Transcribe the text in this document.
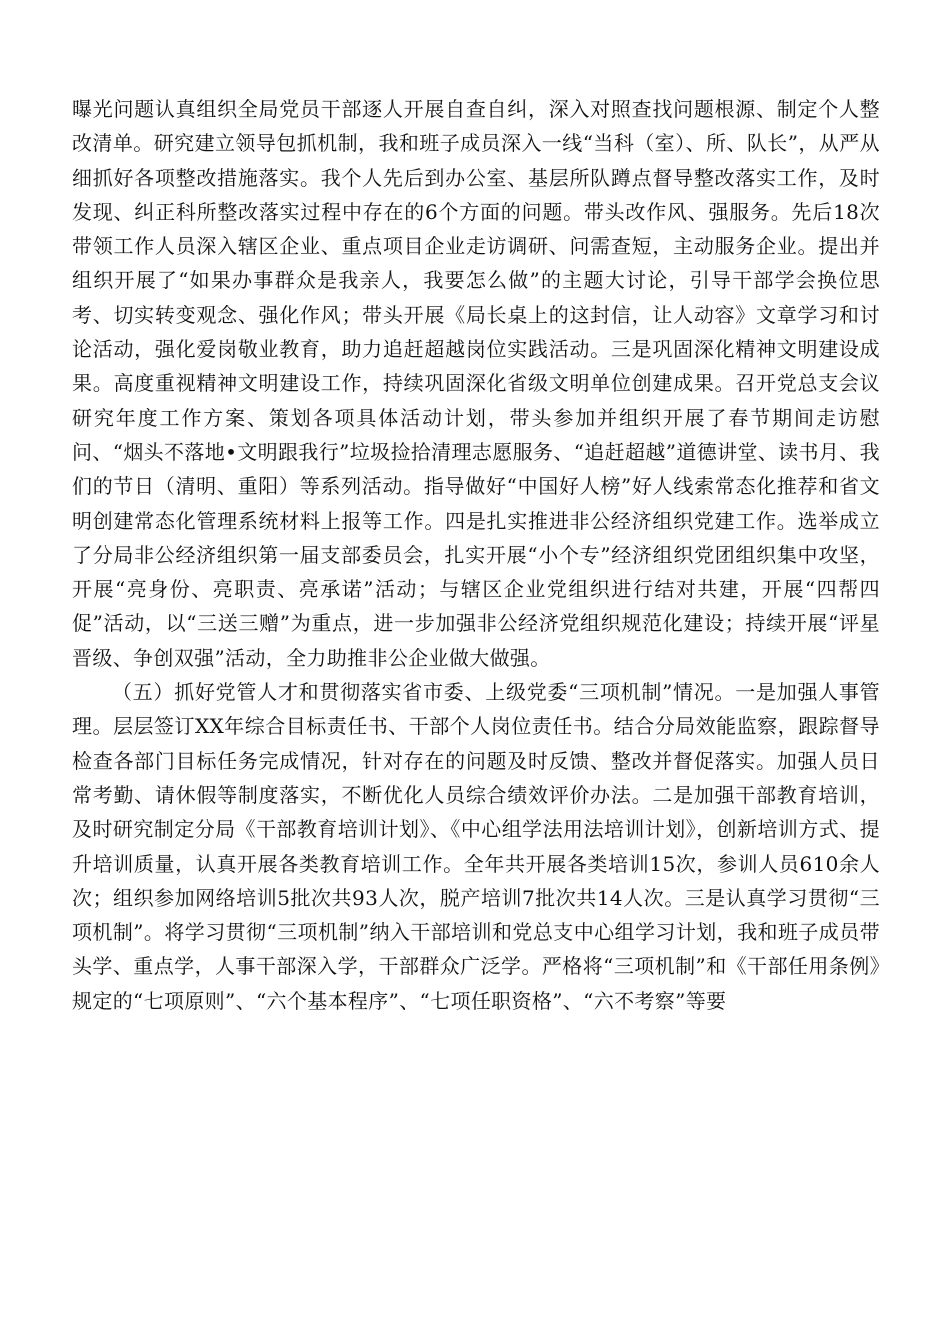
曝光问题认真组织全局党员干部逐人开展自查自纠，深入对照查找问题根源、制定个人整改清单。研究建立领导包抓机制，我和班子成员深入一线“当科（室）、所、队长”，从严从细抓好各项整改措施落实。我个人先后到办公室、基层所队蹲点督导整改落实工作，及时发现、纠正科所整改落实过程中存在的6个方面的问题。带头改作风、强服务。先后18次带领工作人员深入辖区企业、重点项目企业走访调研、问需查短，主动服务企业。提出并组织开展了“如果办事群众是我亲人，我要怎么做”的主题大讨论，引导干部学会换位思考、切实转变观念、强化作风；带头开展《局长桌上的这封信，让人动容》文章学习和讨论活动，强化爱岗敬业教育，助力追赶超越岗位实践活动。三是巩固深化精神文明建设成果。高度重视精神文明建设工作，持续巩固深化省级文明单位创建成果。召开党总支会议研究年度工作方案、策划各项具体活动计划，带头参加并组织开展了春节期间走访慰问、“烟头不落地•文明跟我行”垃圾捡拾清理志愿服务、“追赶超越”道德讲堂、读书月、我们的节日（清明、重阳）等系列活动。指导做好“中国好人榜”好人线索常态化推荐和省文明创建常态化管理系统材料上报等工作。四是扎实推进非公经济组织党建工作。选举成立了分局非公经济组织第一届支部委员会，扎实开展“小个专”经济组织党团组织集中攻坚，开展“亮身份、亮职责、亮承诺”活动；与辖区企业党组织进行结对共建，开展“四帮四促”活动，以“三送三赠”为重点，进一步加强非公经济党组织规范化建设；持续开展“评星晋级、争创双强”活动，全力助推非公企业做大做强。

（五）抓好党管人才和贯彻落实省市委、上级党委“三项机制”情况。一是加强人事管理。层层签订XX年综合目标责任书、干部个人岗位责任书。结合分局效能监察，跟踪督导检查各部门目标任务完成情况，针对存在的问题及时反馈、整改并督促落实。加强人员日常考勤、请休假等制度落实，不断优化人员综合绩效评价办法。二是加强干部教育培训，及时研究制定分局《干部教育培训计划》、《中心组学法用法培训计划》，创新培训方式、提升培训质量，认真开展各类教育培训工作。全年共开展各类培训15次，参训人员610余人次；组织参加网络培训5批次共93人次，脱产培训7批次共14人次。三是认真学习贯彻“三项机制”。将学习贯彻“三项机制”纳入干部培训和党总支中心组学习计划，我和班子成员带头学、重点学，人事干部深入学，干部群众广泛学。严格将“三项机制”和《干部任用条例》规定的“七项原则”、“六个基本程序”、“七项任职资格”、“六不考察”等要
